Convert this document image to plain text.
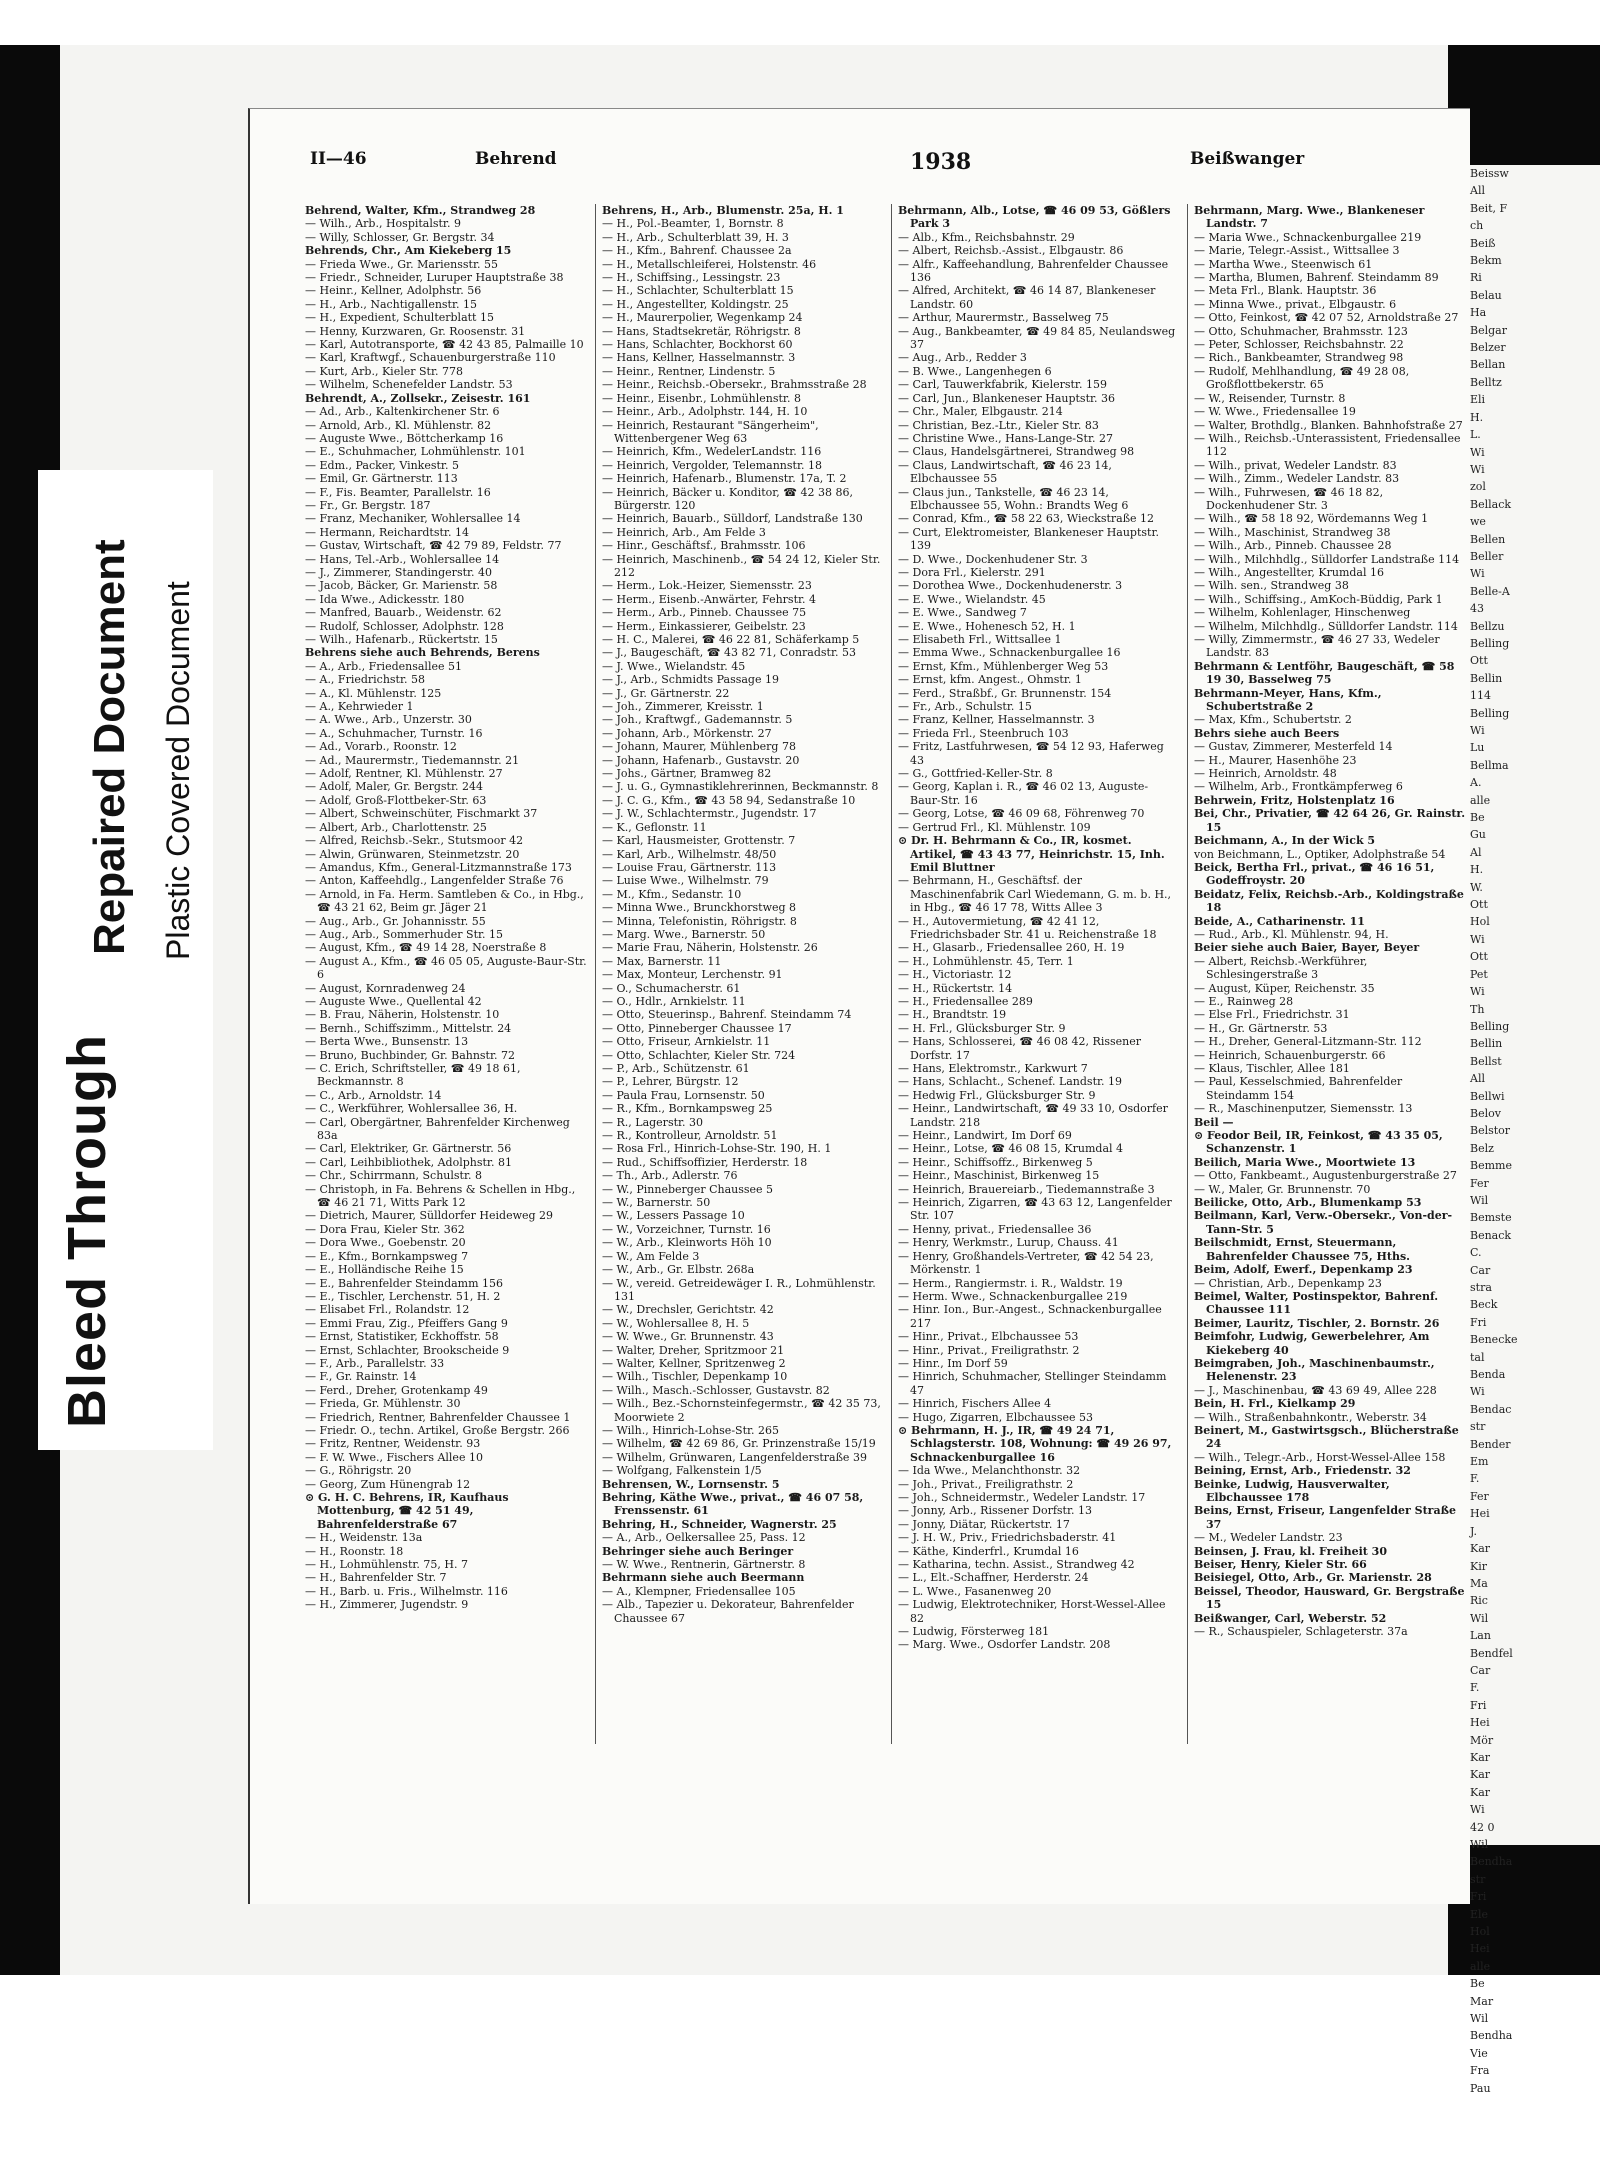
II—46	Behrend	1938	Beißwanger

Behrend, Walter, Kfm., Strandweg 28

— Wilh., Arb., Hospitalstr. 9

— Willy, Schlosser, Gr. Bergstr. 34

Behrends, Chr., Am Kiekeberg 15

— Frieda Wwe., Gr. Mariensstr. 55

— Friedr., Schneider, Luruper Hauptstraße 38

— Heinr., Kellner, Adolphstr. 56

— H., Arb., Nachtigallenstr. 15

— H., Expedient, Schulterblatt 15

— Henny, Kurzwaren, Gr. Roosenstr. 31

— Karl, Autotransporte, ☎ 42 43 85, Palmaille 10

— Karl, Kraftwgf., Schauenburgerstraße 110

— Kurt, Arb., Kieler Str. 778

— Wilhelm, Schenefelder Landstr. 53

Behrendt, A., Zollsekr., Zeisestr. 161

— Ad., Arb., Kaltenkirchener Str. 6

— Arnold, Arb., Kl. Mühlenstr. 82

— Auguste Wwe., Böttcherkamp 16

— E., Schuhmacher, Lohmühlenstr. 101

— Edm., Packer, Vinkestr. 5

— Emil, Gr. Gärtnerstr. 113

— F., Fis. Beamter, Parallelstr. 16

— Fr., Gr. Bergstr. 187

— Franz, Mechaniker, Wohlersallee 14

— Hermann, Reichardtstr. 14

— Gustav, Wirtschaft, ☎ 42 79 89, Feldstr. 77

— Hans, Tel.-Arb., Wohlersallee 14

— J., Zimmerer, Standingerstr. 40

— Jacob, Bäcker, Gr. Marienstr. 58

— Ida Wwe., Adickesstr. 180

— Manfred, Bauarb., Weidenstr. 62

— Rudolf, Schlosser, Adolphstr. 128

— Wilh., Hafenarb., Rückertstr. 15

Behrens siehe auch Behrends, Berens

— A., Arb., Friedensallee 51

— A., Friedrichstr. 58

— A., Kl. Mühlenstr. 125

— A., Kehrwieder 1

— A. Wwe., Arb., Unzerstr. 30

— A., Schuhmacher, Turnstr. 16

— Ad., Vorarb., Roonstr. 12

— Ad., Maurermstr., Tiedemannstr. 21

— Adolf, Rentner, Kl. Mühlenstr. 27

— Adolf, Maler, Gr. Bergstr. 244

— Adolf, Groß-Flottbeker-Str. 63

— Albert, Schweinschüter, Fischmarkt 37

— Albert, Arb., Charlottenstr. 25

— Alfred, Reichsb.-Sekr., Stutsmoor 42

— Alwin, Grünwaren, Steinmetzstr. 20

— Amandus, Kfm., General-Litzmannstraße 173

— Anton, Kaffeehdlg., Langenfelder Straße 76

— Arnold, in Fa. Herm. Samtleben & Co., in Hbg., ☎ 43 21 62, Beim gr. Jäger 21

— Aug., Arb., Gr. Johannisstr. 55

— Aug., Arb., Sommerhuder Str. 15

— August, Kfm., ☎ 49 14 28, Noerstraße 8

— August A., Kfm., ☎ 46 05 05, Auguste-Baur-Str. 6

— August, Kornradenweg 24

— Auguste Wwe., Quellental 42

— B. Frau, Näherin, Holstenstr. 10

— Bernh., Schiffszimm., Mittelstr. 24

— Berta Wwe., Bunsenstr. 13

— Bruno, Buchbinder, Gr. Bahnstr. 72

— C. Erich, Schriftsteller, ☎ 49 18 61, Beckmannstr. 8

— C., Arb., Arnoldstr. 14

— C., Werkführer, Wohlersallee 36, H.

— Carl, Obergärtner, Bahrenfelder Kirchenweg 83a

— Carl, Elektriker, Gr. Gärtnerstr. 56

— Carl, Leihbibliothek, Adolphstr. 81

— Chr., Schirrmann, Schulstr. 8

— Christoph, in Fa. Behrens & Schellen in Hbg., ☎ 46 21 71, Witts Park 12

— Dietrich, Maurer, Sülldorfer Heideweg 29

— Dora Frau, Kieler Str. 362

— Dora Wwe., Goebenstr. 20

— E., Kfm., Bornkampsweg 7

— E., Holländische Reihe 15

— E., Bahrenfelder Steindamm 156

— E., Tischler, Lerchenstr. 51, H. 2

— Elisabet Frl., Rolandstr. 12

— Emmi Frau, Zig., Pfeiffers Gang 9

— Ernst, Statistiker, Eckhoffstr. 58

— Ernst, Schlachter, Brookscheide 9

— F., Arb., Parallelstr. 33

— F., Gr. Rainstr. 14

— Ferd., Dreher, Grotenkamp 49

— Frieda, Gr. Mühlenstr. 30

— Friedrich, Rentner, Bahrenfelder Chaussee 1

— Friedr. O., techn. Artikel, Große Bergstr. 266

— Fritz, Rentner, Weidenstr. 93

— F. W. Wwe., Fischers Allee 10

— G., Röhrigstr. 20

— Georg, Zum Hünengrab 12

⊙ G. H. C. Behrens, IR, Kaufhaus Mottenburg, ☎ 42 51 49, Bahrenfelderstraße 67

— H., Weidenstr. 13a

— H., Roonstr. 18

— H., Lohmühlenstr. 75, H. 7

— H., Bahrenfelder Str. 7

— H., Barb. u. Fris., Wilhelmstr. 116

— H., Zimmerer, Jugendstr. 9

Behrens, H., Arb., Blumenstr. 25a, H. 1

— H., Pol.-Beamter, 1, Bornstr. 8

— H., Arb., Schulterblatt 39, H. 3

— H., Kfm., Bahrenf. Chaussee 2a

— H., Metallschleiferei, Holstenstr. 46

— H., Schiffsing., Lessingstr. 23

— H., Schlachter, Schulterblatt 15

— H., Angestellter, Koldingstr. 25

— H., Maurerpolier, Wegenkamp 24

— Hans, Stadtsekretär, Röhrigstr. 8

— Hans, Schlachter, Bockhorst 60

— Hans, Kellner, Hasselmannstr. 3

— Heinr., Rentner, Lindenstr. 5

— Heinr., Reichsb.-Obersekr., Brahmsstraße 28

— Heinr., Eisenbr., Lohmühlenstr. 8

— Heinr., Arb., Adolphstr. 144, H. 10

— Heinrich, Restaurant "Sängerheim", Wittenbergener Weg 63

— Heinrich, Kfm., WedelerLandstr. 116

— Heinrich, Vergolder, Telemannstr. 18

— Heinrich, Hafenarb., Blumenstr. 17a, T. 2

— Heinrich, Bäcker u. Konditor, ☎ 42 38 86, Bürgerstr. 120

— Heinrich, Bauarb., Sülldorf, Landstraße 130

— Heinrich, Arb., Am Felde 3

— Hinr., Geschäftsf., Brahmsstr. 106

— Heinrich, Maschinenb., ☎ 54 24 12, Kieler Str. 212

— Herm., Lok.-Heizer, Siemensstr. 23

— Herm., Eisenb.-Anwärter, Fehrstr. 4

— Herm., Arb., Pinneb. Chaussee 75

— Herm., Einkassierer, Geibelstr. 23

— H. C., Malerei, ☎ 46 22 81, Schäferkamp 5

— J., Baugeschäft, ☎ 43 82 71, Conradstr. 53

— J. Wwe., Wielandstr. 45

— J., Arb., Schmidts Passage 19

— J., Gr. Gärtnerstr. 22

— Joh., Zimmerer, Kreisstr. 1

— Joh., Kraftwgf., Gademannstr. 5

— Johann, Arb., Mörkenstr. 27

— Johann, Maurer, Mühlenberg 78

— Johann, Hafenarb., Gustavstr. 20

— Johs., Gärtner, Bramweg 82

— J. u. G., Gymnastiklehrerinnen, Beckmannstr. 8

— J. C. G., Kfm., ☎ 43 58 94, Sedanstraße 10

— J. W., Schlachtermstr., Jugendstr. 17

— K., Geflonstr. 11

— Karl, Hausmeister, Grottenstr. 7

— Karl, Arb., Wilhelmstr. 48/50

— Louise Frau, Gärtnerstr. 113

— Luise Wwe., Wilhelmstr. 79

— M., Kfm., Sedanstr. 10

— Minna Wwe., Brunckhorstweg 8

— Minna, Telefonistin, Röhrigstr. 8

— Marg. Wwe., Barnerstr. 50

— Marie Frau, Näherin, Holstenstr. 26

— Max, Barnerstr. 11

— Max, Monteur, Lerchenstr. 91

— O., Schumacherstr. 61

— O., Hdlr., Arnkielstr. 11

— Otto, Steuerinsp., Bahrenf. Steindamm 74

— Otto, Pinneberger Chaussee 17

— Otto, Friseur, Arnkielstr. 11

— Otto, Schlachter, Kieler Str. 724

— P., Arb., Schützenstr. 61

— P., Lehrer, Bürgstr. 12

— Paula Frau, Lornsenstr. 50

— R., Kfm., Bornkampsweg 25

— R., Lagerstr. 30

— R., Kontrolleur, Arnoldstr. 51

— Rosa Frl., Hinrich-Lohse-Str. 190, H. 1

— Rud., Schiffsoffizier, Herderstr. 18

— Th., Arb., Adlerstr. 76

— W., Pinneberger Chaussee 5

— W., Barnerstr. 50

— W., Lessers Passage 10

— W., Vorzeichner, Turnstr. 16

— W., Arb., Kleinworts Höh 10

— W., Am Felde 3

— W., Arb., Gr. Elbstr. 268a

— W., vereid. Getreidewäger I. R., Lohmühlenstr. 131

— W., Drechsler, Gerichtstr. 42

— W., Wohlersallee 8, H. 5

— W. Wwe., Gr. Brunnenstr. 43

— Walter, Dreher, Spritzmoor 21

— Walter, Kellner, Spritzenweg 2

— Wilh., Tischler, Depenkamp 10

— Wilh., Masch.-Schlosser, Gustavstr. 82

— Wilh., Bez.-Schornsteinfegermstr., ☎ 42 35 73, Moorwiete 2

— Wilh., Hinrich-Lohse-Str. 265

— Wilhelm, ☎ 42 69 86, Gr. Prinzenstraße 15/19

— Wilhelm, Grünwaren, Langenfelderstraße 39

— Wolfgang, Falkenstein 1/5

Behrensen, W., Lornsenstr. 5

Behring, Käthe Wwe., privat., ☎ 46 07 58, Frenssenstr. 61

Behring, H., Schneider, Wagnerstr. 25

— A., Arb., Oelkersallee 25, Pass. 12

Behringer siehe auch Beringer

— W. Wwe., Rentnerin, Gärtnerstr. 8

Behrmann siehe auch Beermann

— A., Klempner, Friedensallee 105

— Alb., Tapezier u. Dekorateur, Bahrenfelder Chaussee 67

Behrmann, Alb., Lotse, ☎ 46 09 53, Gößlers Park 3

— Alb., Kfm., Reichsbahnstr. 29

— Albert, Reichsb.-Assist., Elbgaustr. 86

— Alfr., Kaffeehandlung, Bahrenfelder Chaussee 136

— Alfred, Architekt, ☎ 46 14 87, Blankeneser Landstr. 60

— Arthur, Maurermstr., Basselweg 75

— Aug., Bankbeamter, ☎ 49 84 85, Neulandsweg 37

— Aug., Arb., Redder 3

— B. Wwe., Langenhegen 6

— Carl, Tauwerkfabrik, Kielerstr. 159

— Carl, Jun., Blankeneser Hauptstr. 36

— Chr., Maler, Elbgaustr. 214

— Christian, Bez.-Ltr., Kieler Str. 83

— Christine Wwe., Hans-Lange-Str. 27

— Claus, Handelsgärtnerei, Strandweg 98

— Claus, Landwirtschaft, ☎ 46 23 14, Elbchaussee 55

— Claus jun., Tankstelle, ☎ 46 23 14, Elbchaussee 55, Wohn.: Brandts Weg 6

— Conrad, Kfm., ☎ 58 22 63, Wieckstraße 12

— Curt, Elektromeister, Blankeneser Hauptstr. 139

— D. Wwe., Dockenhudener Str. 3

— Dora Frl., Kielerstr. 291

— Dorothea Wwe., Dockenhudenerstr. 3

— E. Wwe., Wielandstr. 45

— E. Wwe., Sandweg 7

— E. Wwe., Hohenesch 52, H. 1

— Elisabeth Frl., Wittsallee 1

— Emma Wwe., Schnackenburgallee 16

— Ernst, Kfm., Mühlenberger Weg 53

— Ernst, kfm. Angest., Ohmstr. 1

— Ferd., Straßbf., Gr. Brunnenstr. 154

— Fr., Arb., Schulstr. 15

— Franz, Kellner, Hasselmannstr. 3

— Frieda Frl., Steenbruch 103

— Fritz, Lastfuhrwesen, ☎ 54 12 93, Haferweg 43

— G., Gottfried-Keller-Str. 8

— Georg, Kaplan i. R., ☎ 46 02 13, Auguste-Baur-Str. 16

— Georg, Lotse, ☎ 46 09 68, Föhrenweg 70

— Gertrud Frl., Kl. Mühlenstr. 109

⊙ Dr. H. Behrmann & Co., IR, kosmet. Artikel, ☎ 43 43 77, Heinrichstr. 15, Inh. Emil Bluttner

— Behrmann, H., Geschäftsf. der Maschinenfabrik Carl Wiedemann, G. m. b. H., in Hbg., ☎ 46 17 78, Witts Allee 3

— H., Autovermietung, ☎ 42 41 12, Friedrichsbader Str. 41 u. Reichenstraße 18

— H., Glasarb., Friedensallee 260, H. 19

— H., Lohmühlenstr. 45, Terr. 1

— H., Victoriastr. 12

— H., Rückertstr. 14

— H., Friedensallee 289

— H., Brandtstr. 19

— H. Frl., Glücksburger Str. 9

— Hans, Schlosserei, ☎ 46 08 42, Rissener Dorfstr. 17

— Hans, Elektromstr., Karkwurt 7

— Hans, Schlacht., Schenef. Landstr. 19

— Hedwig Frl., Glücksburger Str. 9

— Heinr., Landwirtschaft, ☎ 49 33 10, Osdorfer Landstr. 218

— Heinr., Landwirt, Im Dorf 69

— Heinr., Lotse, ☎ 46 08 15, Krumdal 4

— Heinr., Schiffsoffz., Birkenweg 5

— Heinr., Maschinist, Birkenweg 15

— Heinrich, Brauereiarb., Tiedemannstraße 3

— Heinrich, Zigarren, ☎ 43 63 12, Langenfelder Str. 107

— Henny, privat., Friedensallee 36

— Henry, Werkmstr., Lurup, Chauss. 41

— Henry, Großhandels-Vertreter, ☎ 42 54 23, Mörkenstr. 1

— Herm., Rangiermstr. i. R., Waldstr. 19

— Herm. Wwe., Schnackenburgallee 219

— Hinr. Ion., Bur.-Angest., Schnackenburgallee 217

— Hinr., Privat., Elbchaussee 53

— Hinr., Privat., Freiligrathstr. 2

— Hinr., Im Dorf 59

— Hinrich, Schuhmacher, Stellinger Steindamm 47

— Hinrich, Fischers Allee 4

— Hugo, Zigarren, Elbchaussee 53

⊙ Behrmann, H. J., IR, ☎ 49 24 71, Schlagsterstr. 108, Wohnung: ☎ 49 26 97, Schnackenburgallee 16

— Ida Wwe., Melanchthonstr. 32

— Joh., Privat., Freiligrathstr. 2

— Joh., Schneidermstr., Wedeler Landstr. 17

— Jonny, Arb., Rissener Dorfstr. 13

— Jonny, Diätar, Rückertstr. 17

— J. H. W., Priv., Friedrichsbaderstr. 41

— Käthe, Kinderfrl., Krumdal 16

— Katharina, techn. Assist., Strandweg 42

— L., Elt.-Schaffner, Herderstr. 24

— L. Wwe., Fasanenweg 20

— Ludwig, Elektrotechniker, Horst-Wessel-Allee 82

— Ludwig, Försterweg 181

— Marg. Wwe., Osdorfer Landstr. 208

Behrmann, Marg. Wwe., Blankeneser Landstr. 7

— Maria Wwe., Schnackenburgallee 219

— Marie, Telegr.-Assist., Wittsallee 3

— Martha Wwe., Steenwisch 61

— Martha, Blumen, Bahrenf. Steindamm 89

— Meta Frl., Blank. Hauptstr. 36

— Minna Wwe., privat., Elbgaustr. 6

— Otto, Feinkost, ☎ 42 07 52, Arnoldstraße 27

— Otto, Schuhmacher, Brahmsstr. 123

— Peter, Schlosser, Reichsbahnstr. 22

— Rich., Bankbeamter, Strandweg 98

— Rudolf, Mehlhandlung, ☎ 49 28 08, Großflottbekerstr. 65

— W., Reisender, Turnstr. 8

— W. Wwe., Friedensallee 19

— Walter, Brothdlg., Blanken. Bahnhofstraße 27

— Wilh., Reichsb.-Unterassistent, Friedensallee 112

— Wilh., privat, Wedeler Landstr. 83

— Wilh., Zimm., Wedeler Landstr. 83

— Wilh., Fuhrwesen, ☎ 46 18 82, Dockenhudener Str. 3

— Wilh., ☎ 58 18 92, Wördemanns Weg 1

— Wilh., Maschinist, Strandweg 38

— Wilh., Arb., Pinneb. Chaussee 28

— Wilh., Milchhdlg., Sülldorfer Landstraße 114

— Wilh., Angestellter, Krumdal 16

— Wilh. sen., Strandweg 38

— Wilh., Schiffsing., AmKoch-Büddig, Park 1

— Wilhelm, Kohlenlager, Hinschenweg

— Wilhelm, Milchhdlg., Sülldorfer Landstr. 114

— Willy, Zimmermstr., ☎ 46 27 33, Wedeler Landstr. 83

Behrmann & Lentföhr, Baugeschäft, ☎ 58 19 30, Basselweg 75

Behrmann-Meyer, Hans, Kfm., Schubertstraße 2

— Max, Kfm., Schubertstr. 2

Behrs siehe auch Beers

— Gustav, Zimmerer, Mesterfeld 14

— H., Maurer, Hasenhöhe 23

— Heinrich, Arnoldstr. 48

— Wilhelm, Arb., Frontkämpferweg 6

Behrwein, Fritz, Holstenplatz 16

Bei, Chr., Privatier, ☎ 42 64 26, Gr. Rainstr. 15

Beichmann, A., In der Wick 5

von Beichmann, L., Optiker, Adolphstraße 54

Beick, Bertha Frl., privat., ☎ 46 16 51, Godeffroystr. 20

Beidatz, Felix, Reichsb.-Arb., Koldingstraße 18

Beide, A., Catharinenstr. 11

— Rud., Arb., Kl. Mühlenstr. 94, H.

Beier siehe auch Baier, Bayer, Beyer

— Albert, Reichsb.-Werkführer, Schlesingerstraße 3

— August, Küper, Reichenstr. 35

— E., Rainweg 28

— Else Frl., Friedrichstr. 31

— H., Gr. Gärtnerstr. 53

— H., Dreher, General-Litzmann-Str. 112

— Heinrich, Schauenburgerstr. 66

— Klaus, Tischler, Allee 181

— Paul, Kesselschmied, Bahrenfelder Steindamm 154

— R., Maschinenputzer, Siemensstr. 13

Beil —

⊙ Feodor Beil, IR, Feinkost, ☎ 43 35 05, Schanzenstr. 1

Beilich, Maria Wwe., Moortwiete 13

— Otto, Fankbeamt., Augustenburgerstraße 27

— W., Maler, Gr. Brunnenstr. 70

Beilicke, Otto, Arb., Blumenkamp 53

Beilmann, Karl, Verw.-Obersekr., Von-der-Tann-Str. 5

Beilschmidt, Ernst, Steuermann, Bahrenfelder Chaussee 75, Hths.

Beim, Adolf, Ewerf., Depenkamp 23

— Christian, Arb., Depenkamp 23

Beimel, Walter, Postinspektor, Bahrenf. Chaussee 111

Beimer, Lauritz, Tischler, 2. Bornstr. 26

Beimfohr, Ludwig, Gewerbelehrer, Am Kiekeberg 40

Beimgraben, Joh., Maschinenbaumstr., Helenenstr. 23

— J., Maschinenbau, ☎ 43 69 49, Allee 228

Bein, H. Frl., Kielkamp 29

— Wilh., Straßenbahnkontr., Weberstr. 34

Beinert, M., Gastwirtsgsch., Blücherstraße 24

— Wilh., Telegr.-Arb., Horst-Wessel-Allee 158

Beining, Ernst, Arb., Friedenstr. 32

Beinke, Ludwig, Hausverwalter, Elbchaussee 178

Beins, Ernst, Friseur, Langenfelder Straße 37

— M., Wedeler Landstr. 23

Beinsen, J. Frau, kl. Freiheit 30

Beiser, Henry, Kieler Str. 66

Beisiegel, Otto, Arb., Gr. Marienstr. 28

Beissel, Theodor, Hausward, Gr. Bergstraße 15

Beißwanger, Carl, Weberstr. 52

— R., Schauspieler, Schlageterstr. 37a

Beissw

All

Beit, F

ch

Beiß

Bekm

Ri

Belau

Ha

Belgar

Belzer

Bellan

Belltz

Eli

H.

L.

Wi

Wi

zol

Bellack

we

Bellen

Beller

Wi

Belle-A

43

Bellzu

Belling

Ott

Bellin

114

Belling

Wi

Lu

Bellma

A.

alle

Be

Gu

Al

H.

W.

Ott

Hol

Wi

Ott

Pet

Wi

Th

Belling

Bellin

Bellst

All

Bellwi

Belov

Belstor

Belz

Bemme

Fer

Wil

Bemste

Benack

C.

Car

stra

Beck

Fri

Benecke

tal

Benda

Wi

Bendac

str

Bender

Em

F.

Fer

Hei

J.

Kar

Kir

Ma

Ric

Wil

Lan

Bendfel

Car

F.

Fri

Hei

Mör

Kar

Kar

Kar

Wi

42 0

Wil

Bendha

str

Fri

Ele

Hol

Hei

alle

Be

Mar

Wil

Bendha

Vie

Fra

Pau

Bleed Through
Repaired Document Plastic Covered Document
